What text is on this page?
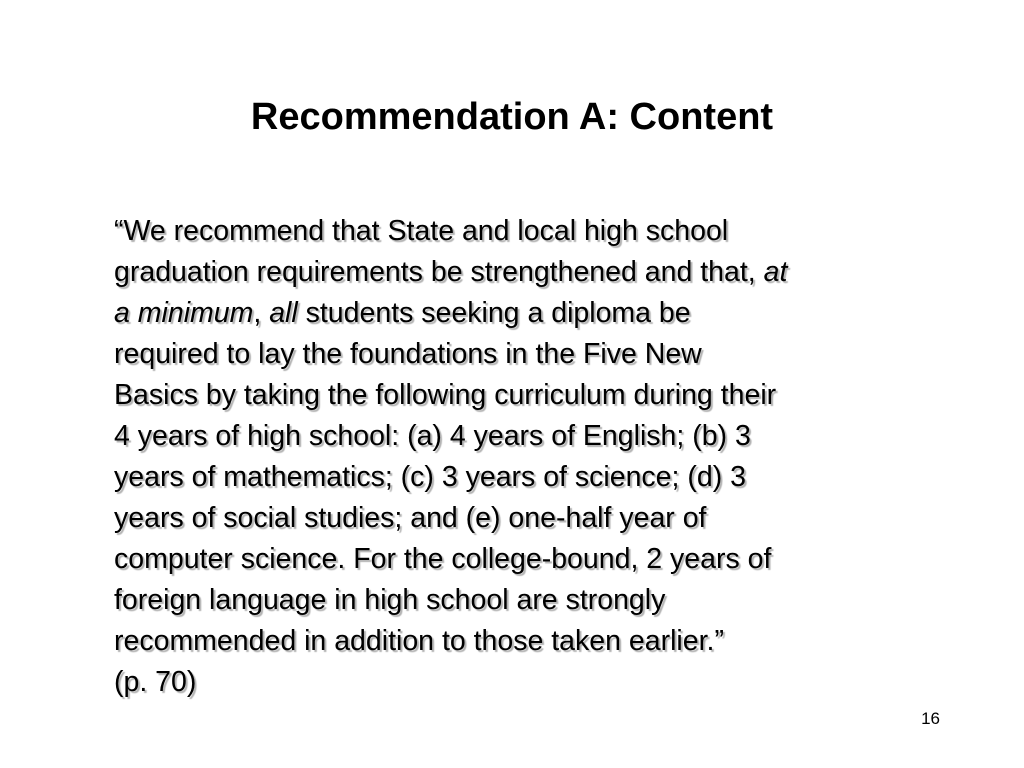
Recommendation A: Content
“We recommend that State and local high school
graduation requirements be strengthened and that, at
a minimum, all students seeking a diploma be
required to lay the foundations in the Five New
Basics by taking the following curriculum during their
4 years of high school: (a) 4 years of English; (b) 3
years of mathematics; (c) 3 years of science; (d) 3
years of social studies; and (e) one-half year of
computer science. For the college-bound, 2 years of
foreign language in high school are strongly
recommended in addition to those taken earlier.”
(p. 70)
16
